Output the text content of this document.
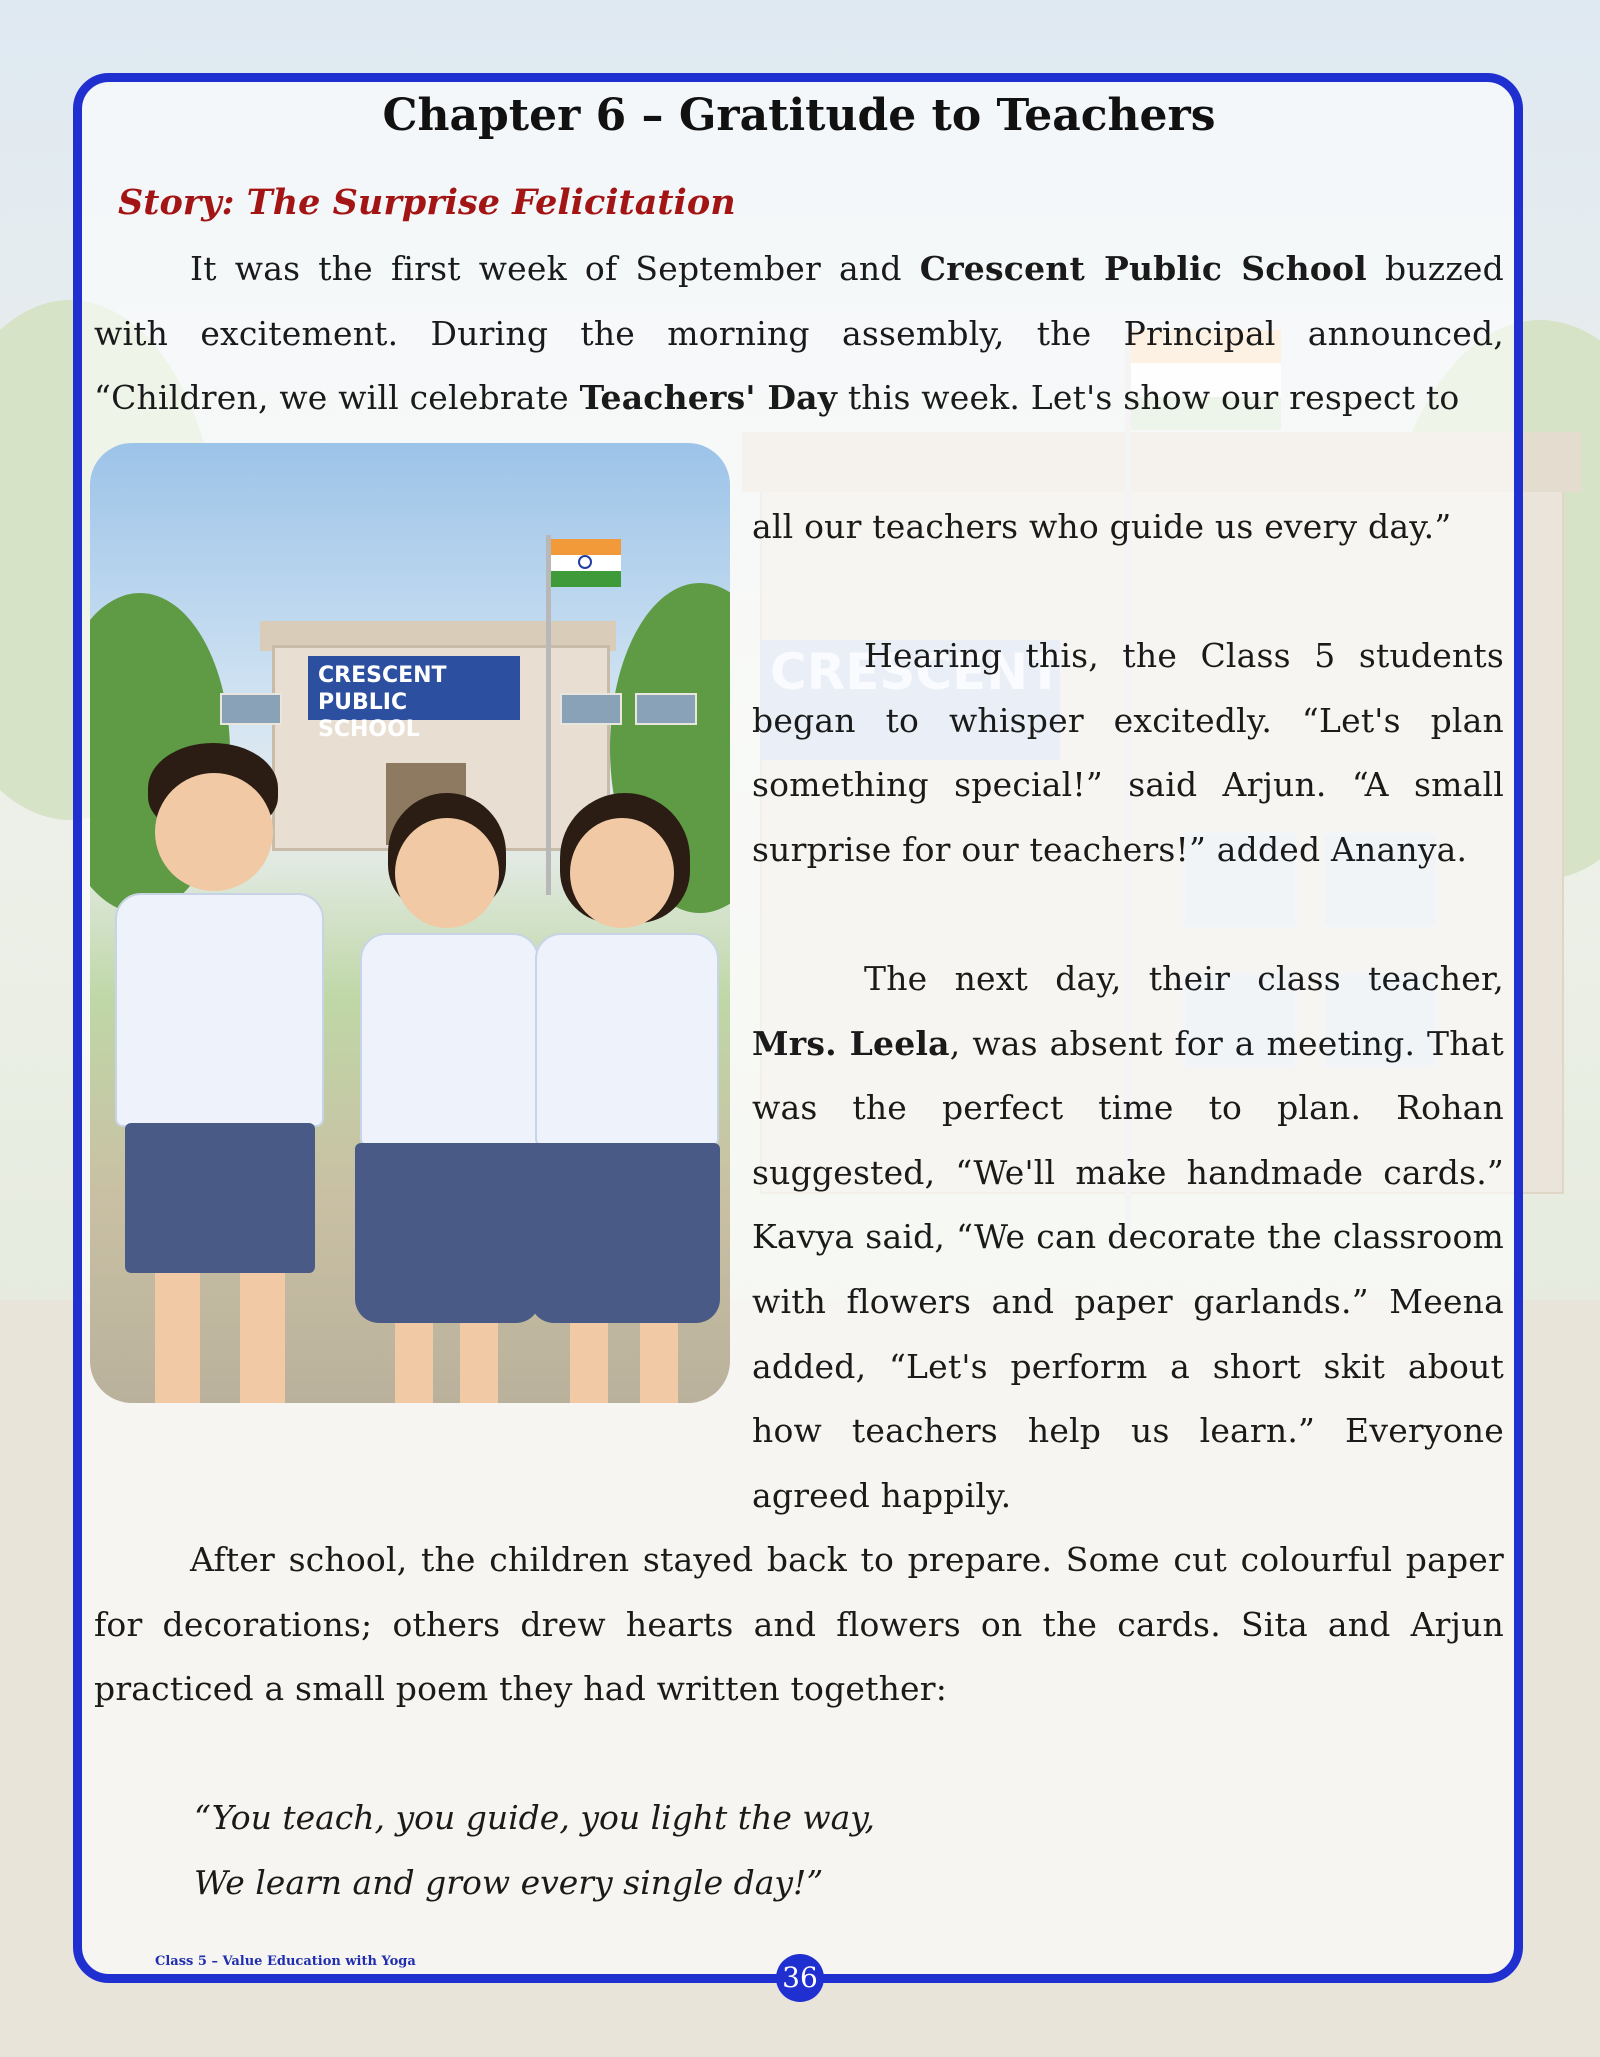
Chapter 6 – Gratitude to Teachers
Story: The Surprise Felicitation

It was the first week of September and Crescent Public School buzzed with excitement. During the morning assembly, the Principal announced, “Children, we will celebrate Teachers' Day this week. Let's show our respect to

all our teachers who guide us every day.”

Hearing this, the Class 5 students began to whisper excitedly. “Let's plan something special!” said Arjun. “A small surprise for our teachers!” added Ananya.

The next day, their class teacher, Mrs. Leela, was absent for a meeting. That was the perfect time to plan. Rohan suggested, “We'll make handmade cards.” Kavya said, “We can decorate the classroom with flowers and paper garlands.” Meena added, “Let's perform a short skit about how teachers help us learn.” Everyone agreed happily.

After school, the children stayed back to prepare. Some cut colourful paper for decorations; others drew hearts and flowers on the cards. Sita and Arjun practiced a small poem they had written together:

“You teach, you guide, you light the way,
We learn and grow every single day!”

CRESCENT
PUBLIC SCHOOL
Class 5 – Value Education with Yoga	36
